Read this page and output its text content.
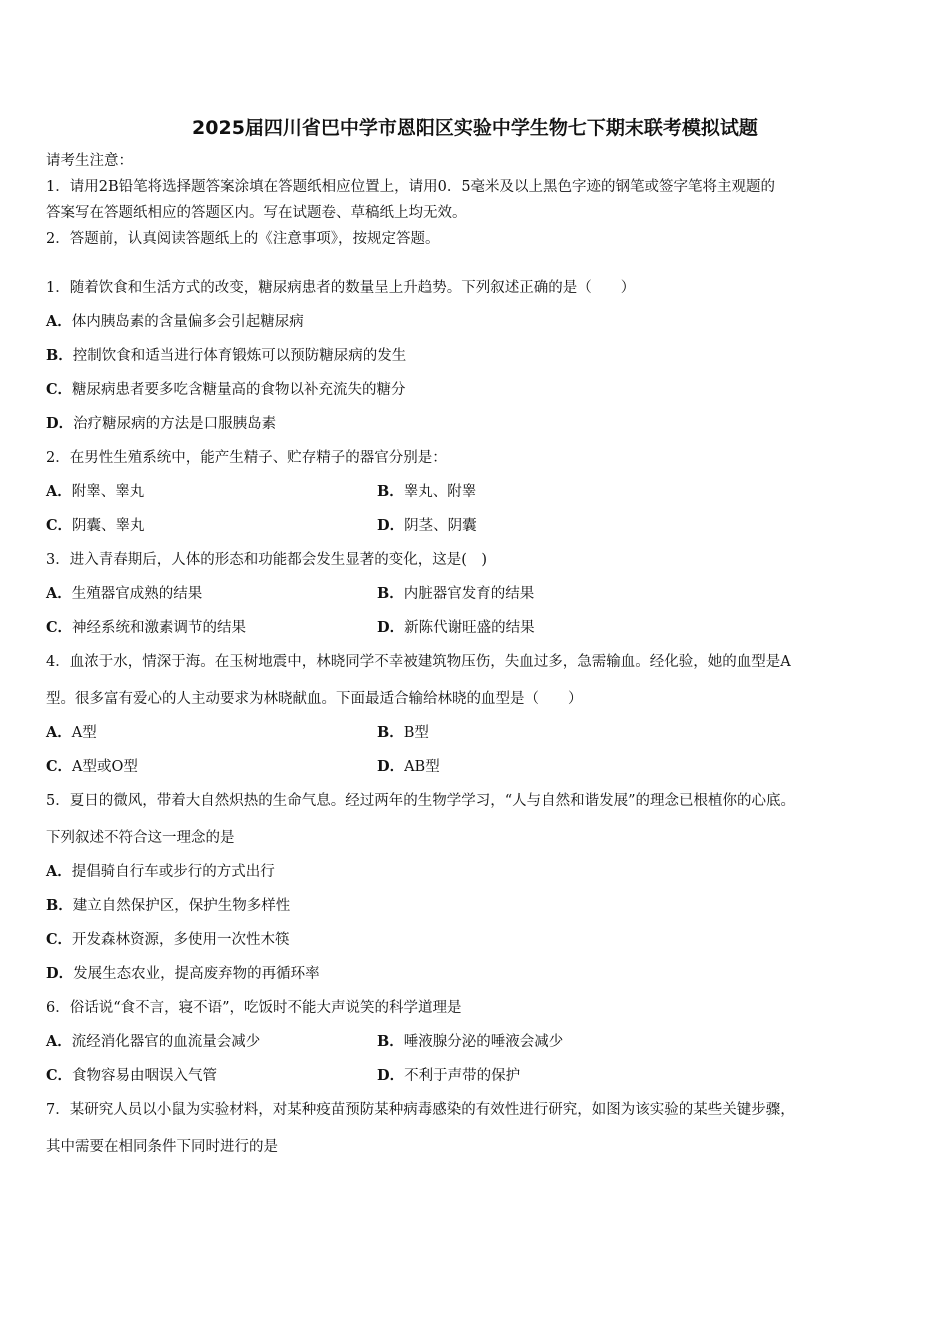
2025届四川省巴中学市恩阳区实验中学生物七下期末联考模拟试题
请考生注意：
1．请用2B铅笔将选择题答案涂填在答题纸相应位置上，请用0．5毫米及以上黑色字迹的钢笔或签字笔将主观题的
答案写在答题纸相应的答题区内。写在试题卷、草稿纸上均无效。
2．答题前，认真阅读答题纸上的《注意事项》，按规定答题。
1．随着饮食和生活方式的改变，糖尿病患者的数量呈上升趋势。下列叙述正确的是（　　）
A．体内胰岛素的含量偏多会引起糖尿病
B．控制饮食和适当进行体育锻炼可以预防糖尿病的发生
C．糖尿病患者要多吃含糖量高的食物以补充流失的糖分
D．治疗糖尿病的方法是口服胰岛素
2．在男性生殖系统中，能产生精子、贮存精子的器官分别是：
A．附睾、睾丸	B．睾丸、附睾
C．阴囊、睾丸	D．阴茎、阴囊
3．进入青春期后，人体的形态和功能都会发生显著的变化，这是(　)
A．生殖器官成熟的结果	B．内脏器官发育的结果
C．神经系统和激素调节的结果	D．新陈代谢旺盛的结果
4．血浓于水，情深于海。在玉树地震中，林晓同学不幸被建筑物压伤，失血过多，急需输血。经化验，她的血型是A
型。很多富有爱心的人主动要求为林晓献血。下面最适合输给林晓的血型是（　　）
A．A型	B．B型
C．A型或O型	D．AB型
5．夏日的微风，带着大自然炽热的生命气息。经过两年的生物学学习，“人与自然和谐发展”的理念已根植你的心底。
下列叙述不符合这一理念的是
A．提倡骑自行车或步行的方式出行
B．建立自然保护区，保护生物多样性
C．开发森林资源，多使用一次性木筷
D．发展生态农业，提高废弃物的再循环率
6．俗话说“食不言，寝不语”，吃饭时不能大声说笑的科学道理是
A．流经消化器官的血流量会减少	B．唾液腺分泌的唾液会减少
C．食物容易由咽误入气管	D．不利于声带的保护
7．某研究人员以小鼠为实验材料，对某种疫苗预防某种病毒感染的有效性进行研究，如图为该实验的某些关键步骤，
其中需要在相同条件下同时进行的是
